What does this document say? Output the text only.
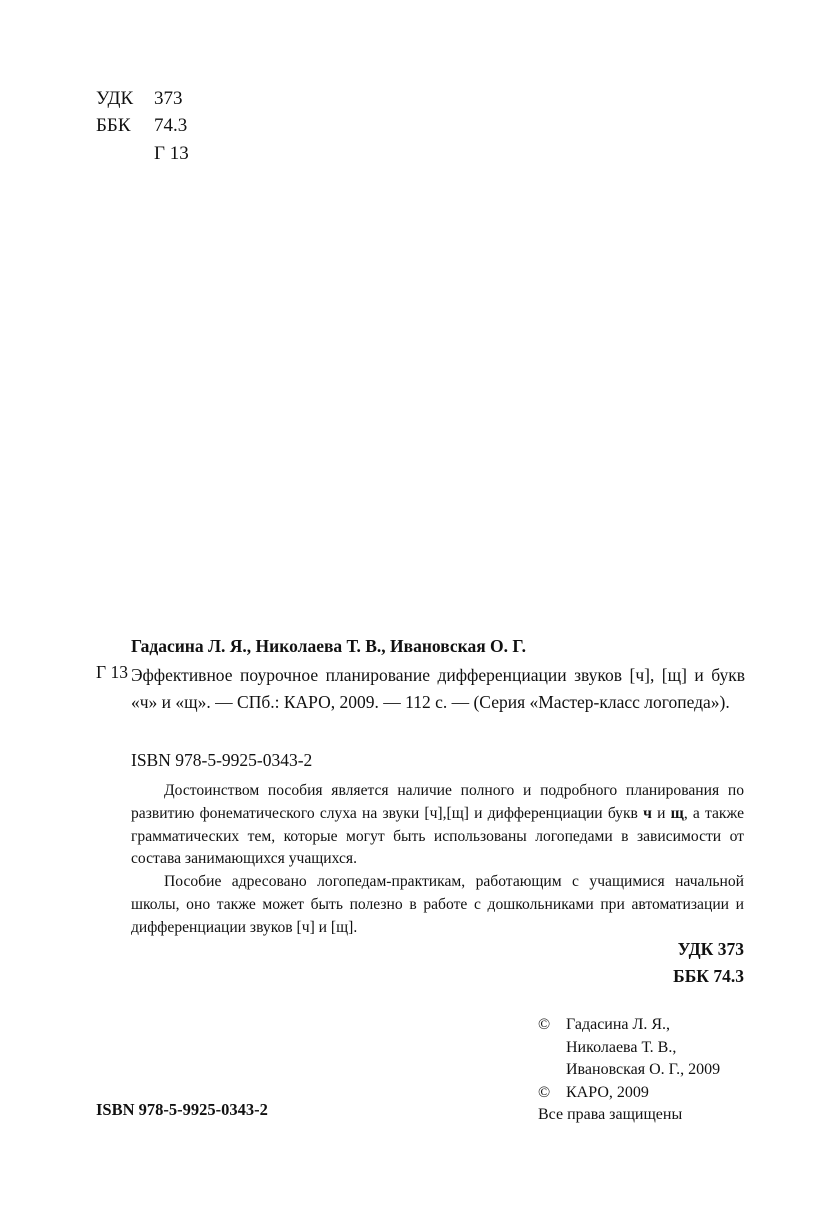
УДК 373
ББК 74.3
Г 13
Гадасина Л. Я., Николаева Т. В., Ивановская О. Г.
Г 13 Эффективное поурочное планирование дифференциации звуков [ч], [щ] и букв «ч» и «щ». — СПб.: КАРО, 2009. — 112 с. — (Серия «Мастер-класс логопеда»).
ISBN 978-5-9925-0343-2

Достоинством пособия является наличие полного и подробного планирования по развитию фонематического слуха на звуки [ч],[щ] и дифференциации букв ч и щ, а также грамматических тем, которые могут быть использованы логопедами в зависимости от состава занимающихся учащихся.

Пособие адресовано логопедам-практикам, работающим с учащимися начальной школы, оно также может быть полезно в работе с дошкольниками при автоматизации и дифференциации звуков [ч] и [щ].

УДК 373
ББК 74.3
© Гадасина Л. Я.,
Николаева Т. В.,
Ивановская О. Г., 2009
© КАРО, 2009
Все права защищены
ISBN 978-5-9925-0343-2
